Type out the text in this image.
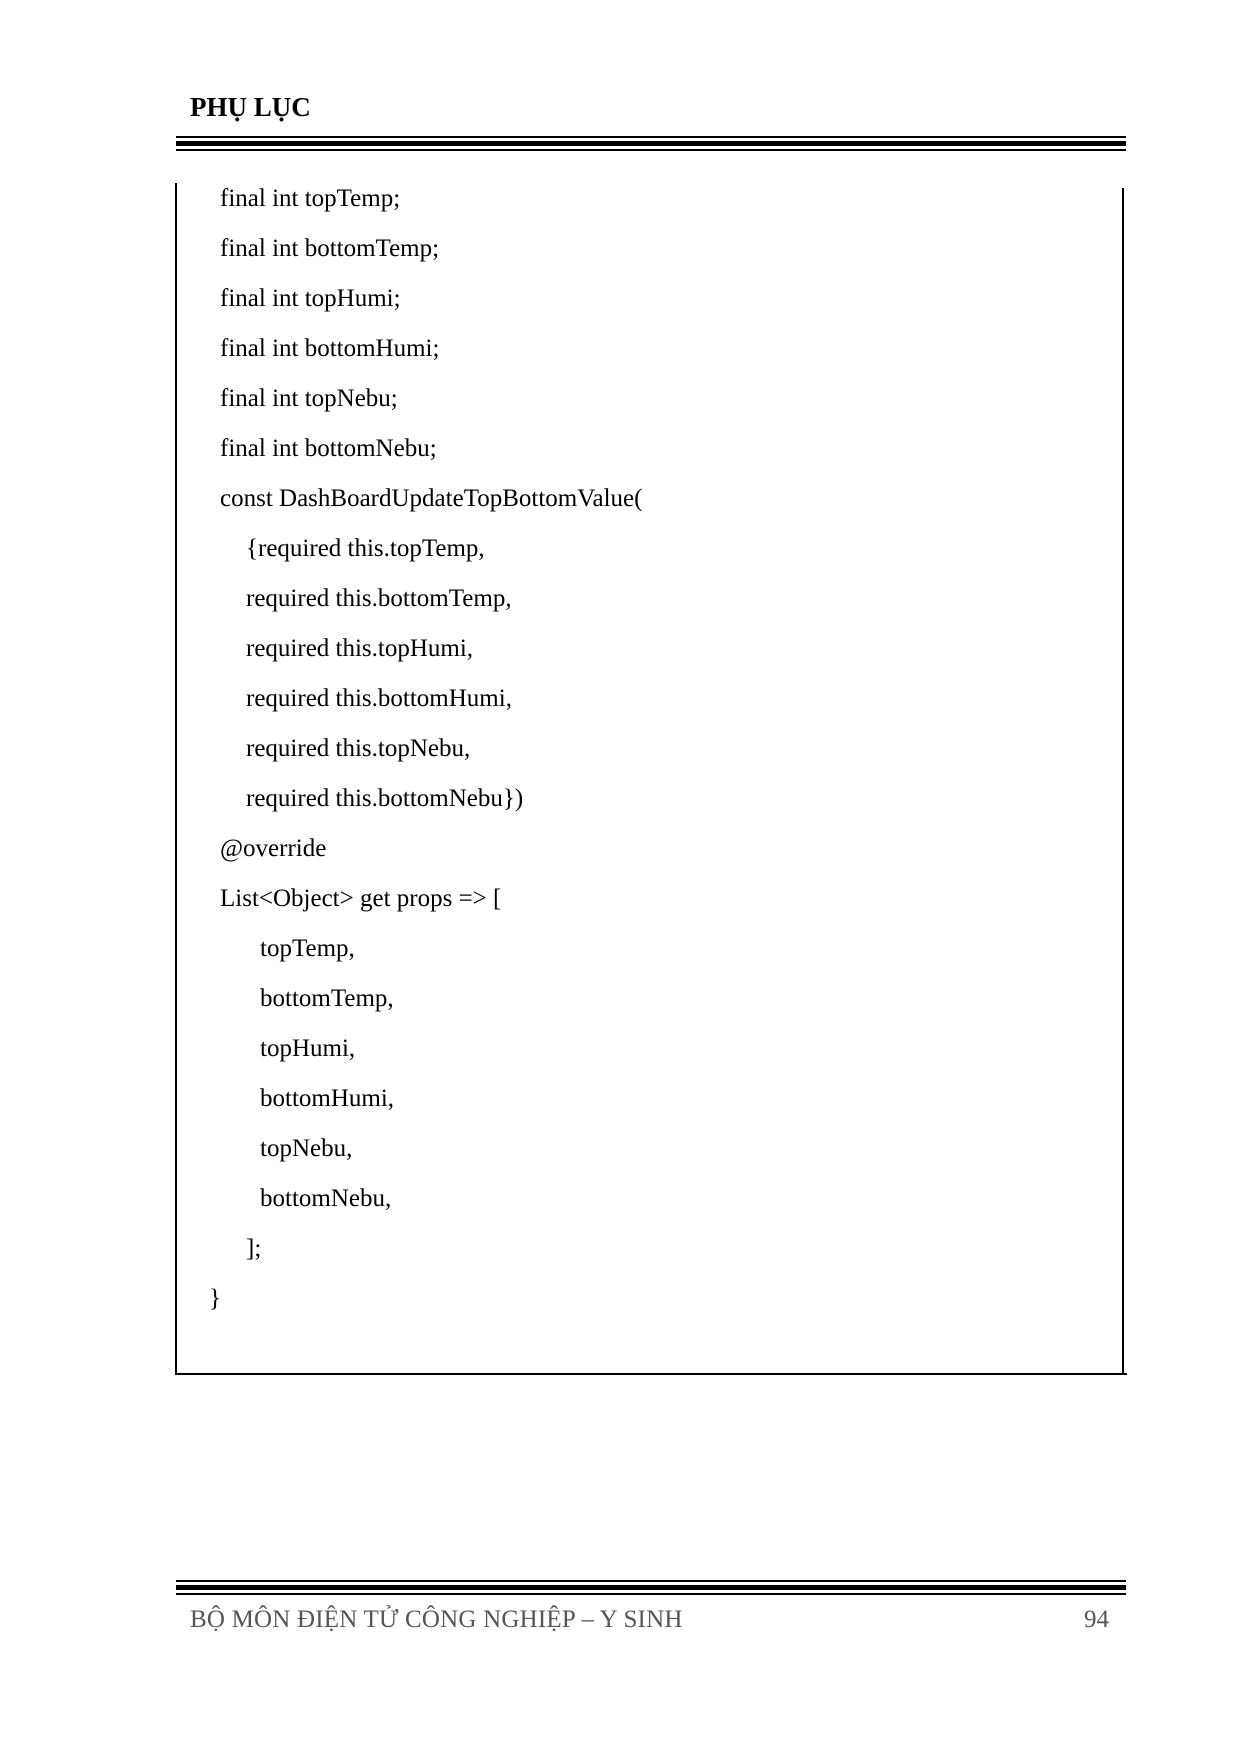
PHỤ LỤC
final int topTemp;
final int bottomTemp;
final int topHumi;
final int bottomHumi;
final int topNebu;
final int bottomNebu;
const DashBoardUpdateTopBottomValue(
{required this.topTemp,
required this.bottomTemp,
required this.topHumi,
required this.bottomHumi,
required this.topNebu,
required this.bottomNebu})
@override
List<Object> get props => [
topTemp,
bottomTemp,
topHumi,
bottomHumi,
topNebu,
bottomNebu,
];
}
BỘ MÔN ĐIỆN TỬ CÔNG NGHIỆP – Y SINH	94
